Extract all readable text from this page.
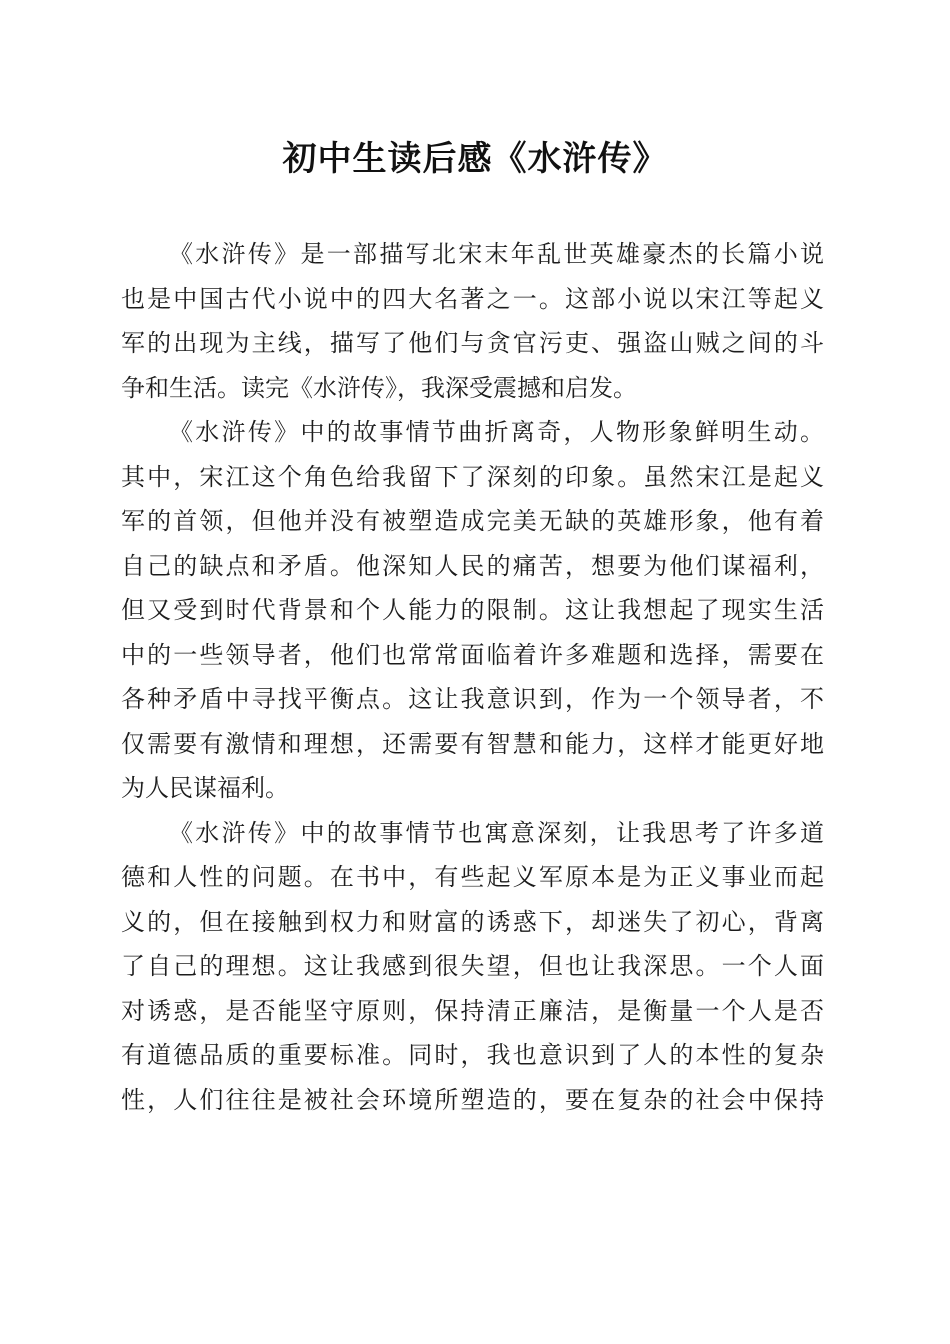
初中生读后感《水浒传》
《水浒传》是一部描写北宋末年乱世英雄豪杰的长篇小说
也是中国古代小说中的四大名著之一。这部小说以宋江等起义
军的出现为主线，描写了他们与贪官污吏、强盗山贼之间的斗
争和生活。读完《水浒传》，我深受震撼和启发。
《水浒传》中的故事情节曲折离奇，人物形象鲜明生动。
其中，宋江这个角色给我留下了深刻的印象。虽然宋江是起义
军的首领，但他并没有被塑造成完美无缺的英雄形象，他有着
自己的缺点和矛盾。他深知人民的痛苦，想要为他们谋福利，
但又受到时代背景和个人能力的限制。这让我想起了现实生活
中的一些领导者，他们也常常面临着许多难题和选择，需要在
各种矛盾中寻找平衡点。这让我意识到，作为一个领导者，不
仅需要有激情和理想，还需要有智慧和能力，这样才能更好地
为人民谋福利。
《水浒传》中的故事情节也寓意深刻，让我思考了许多道
德和人性的问题。在书中，有些起义军原本是为正义事业而起
义的，但在接触到权力和财富的诱惑下，却迷失了初心，背离
了自己的理想。这让我感到很失望，但也让我深思。一个人面
对诱惑，是否能坚守原则，保持清正廉洁，是衡量一个人是否
有道德品质的重要标准。同时，我也意识到了人的本性的复杂
性，人们往往是被社会环境所塑造的，要在复杂的社会中保持
